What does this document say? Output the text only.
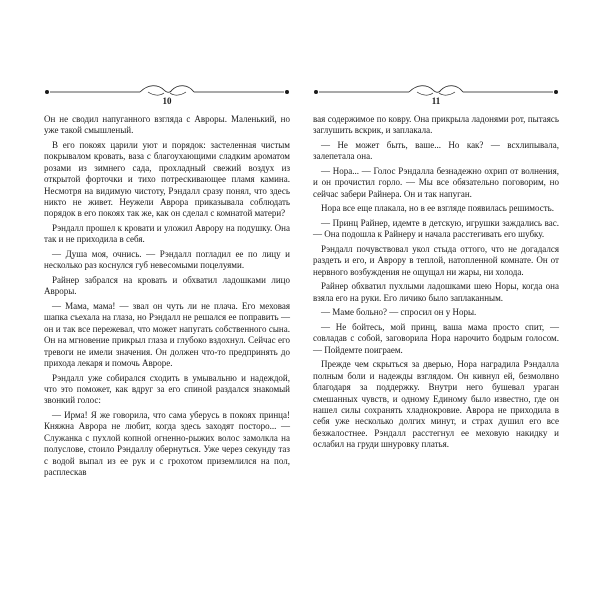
10

Он не сводил напуганного взгляда с Авроры. Маленький, но уже такой смышленый.

В его покоях царили уют и порядок: застеленная чистым покрывалом кровать, ваза с благоухающими сладким ароматом розами из зимнего сада, прохладный свежий воздух из открытой форточки и тихо потрескивающее пламя камина. Несмотря на видимую чистоту, Рэндалл сразу понял, что здесь никто не живет. Неужели Аврора приказывала соблюдать порядок в его покоях так же, как он сделал с комнатой матери?

Рэндалл прошел к кровати и уложил Аврору на подушку. Она так и не приходила в себя.

— Душа моя, очнись. — Рэндалл погладил ее по лицу и несколько раз коснулся губ невесомыми поцелуями.

Райнер забрался на кровать и обхватил ладошками лицо Авроры.

— Мама, мама! — звал он чуть ли не плача. Его меховая шапка съехала на глаза, но Рэндалл не решался ее поправить — он и так все пережевал, что может напугать собственного сына. Он на мгновение прикрыл глаза и глубоко вздохнул. Сейчас его тревоги не имели значения. Он должен что-то предпринять до прихода лекаря и помочь Авроре.

Рэндалл уже собирался сходить в умывальню и надеждой, что это поможет, как вдруг за его спиной раздался знакомый звонкий голос:

— Ирма! Я же говорила, что сама уберусь в покоях принца! Княжна Аврора не любит, когда здесь заходят посторо... — Служанка с пухлой копной огненно-рыжих волос замолкла на полуслове, стоило Рэндаллу обернуться. Уже через секунду таз с водой выпал из ее рук и с грохотом приземлился на пол, расплескав

11

вая содержимое по ковру. Она прикрыла ладонями рот, пытаясь заглушить вскрик, и заплакала.

— Не может быть, ваше... Но как? — всхлипывала, залепетала она.

— Нора... — Голос Рэндалла безнадежно охрип от волнения, и он прочистил горло. — Мы все обязательно поговорим, но сейчас забери Райнера. Он и так напуган.

Нора все еще плакала, но в ее взгляде появилась решимость.

— Принц Райнер, идемте в детскую, игрушки заждались вас. — Она подошла к Райнеру и начала расстегивать его шубку.

Рэндалл почувствовал укол стыда оттого, что не догадался раздеть и его, и Аврору в теплой, натопленной комнате. Он от нервного возбуждения не ощущал ни жары, ни холода.

Райнер обхватил пухлыми ладошками шею Норы, когда она взяла его на руки. Его личико было заплаканным.

— Маме больно? — спросил он у Норы.

— Не бойтесь, мой принц, ваша мама просто спит, — совладав с собой, заговорила Нора нарочито бодрым голосом. — Пойдемте поиграем.

Прежде чем скрыться за дверью, Нора наградила Рэндалла полным боли и надежды взглядом. Он кивнул ей, безмолвно благодаря за поддержку. Внутри него бушевал ураган смешанных чувств, и одному Единому было известно, где он нашел силы сохранять хладнокровие. Аврора не приходила в себя уже несколько долгих минут, и страх душил его все безжалостнее. Рэндалл расстегнул ее меховую накидку и ослабил на груди шнуровку платья.
